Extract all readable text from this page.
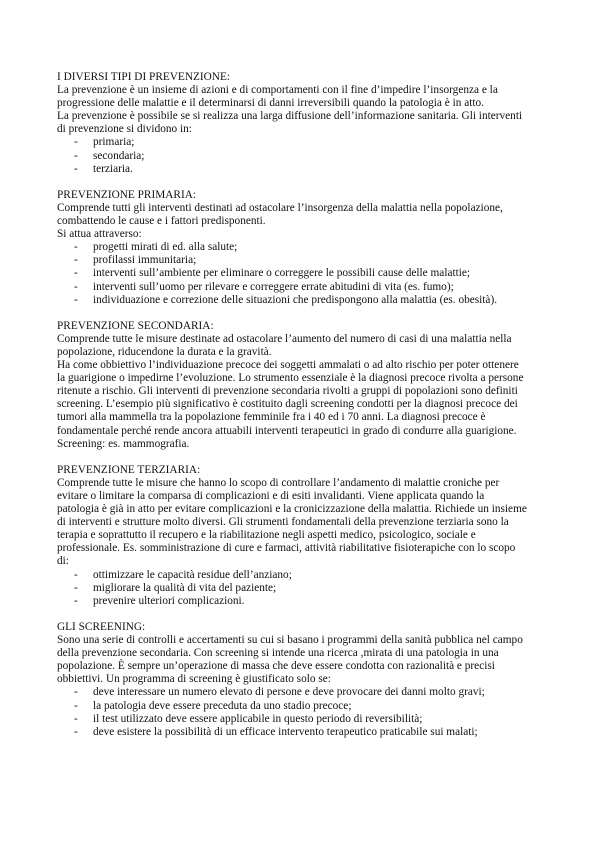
I DIVERSI TIPI DI PREVENZIONE:
La prevenzione è un insieme di azioni e di comportamenti con il fine d’impedire l’insorgenza e la progressione delle malattie e il determinarsi di danni irreversibili quando la patologia è in atto.
La prevenzione è possibile se si realizza una larga diffusione dell’informazione sanitaria. Gli interventi di prevenzione si dividono in:
- primaria;
- secondaria;
- terziaria.
PREVENZIONE PRIMARIA:
Comprende tutti gli interventi destinati ad ostacolare l’insorgenza della malattia nella popolazione, combattendo le cause e i fattori predisponenti.
Si attua attraverso:
- progetti mirati di ed. alla salute;
- profilassi immunitaria;
- interventi sull’ambiente per eliminare o correggere le possibili cause delle malattie;
- interventi sull’uomo per rilevare e correggere errate abitudini di vita (es. fumo);
- individuazione e correzione delle situazioni che predispongono alla malattia (es. obesità).
PREVENZIONE SECONDARIA:
Comprende tutte le misure destinate ad ostacolare l’aumento del numero di casi di una malattia nella popolazione, riducendone la durata e la gravità.
Ha come obbiettivo l’individuazione precoce dei soggetti ammalati o ad alto rischio per poter ottenere la guarigione o impedirne l’evoluzione. Lo strumento essenziale è la diagnosi precoce rivolta a persone ritenute a rischio. Gli interventi di prevenzione secondaria rivolti a gruppi di popolazioni sono definiti screening. L’esempio più significativo è costituito dagli screening condotti per la diagnosi precoce dei tumori alla mammella tra la popolazione femminile fra i 40 ed i 70 anni. La diagnosi precoce è fondamentale perché rende ancora attuabili interventi terapeutici in grado di condurre alla guarigione. Screening: es. mammografia.
PREVENZIONE TERZIARIA:
Comprende tutte le misure che hanno lo scopo di controllare l’andamento di malattie croniche per evitare o limitare la comparsa di complicazioni e di esiti invalidanti. Viene applicata quando la patologia è già in atto per evitare complicazioni e la cronicizzazione della malattia. Richiede un insieme di interventi e strutture molto diversi. Gli strumenti fondamentali della prevenzione terziaria sono la terapia e soprattutto il recupero e la riabilitazione negli aspetti medico, psicologico, sociale e professionale. Es. somministrazione di cure e farmaci, attività riabilitative fisioterapiche con lo scopo di:
- ottimizzare le capacità residue dell’anziano;
- migliorare la qualità di vita del paziente;
- prevenire ulteriori complicazioni.
GLI SCREENING:
Sono una serie di controlli e accertamenti su cui si basano i programmi della sanità pubblica nel campo della prevenzione secondaria. Con screening si intende una ricerca ,mirata di una patologia in una popolazione. È sempre un’operazione di massa che deve essere condotta con razionalità e precisi obbiettivi. Un programma di screening è giustificato solo se:
- deve interessare un numero elevato di persone e deve provocare dei danni molto gravi;
- la patologia deve essere preceduta da uno stadio precoce;
- il test utilizzato deve essere applicabile in questo periodo di reversibilità;
- deve esistere la possibilità di un efficace intervento terapeutico praticabile sui malati;
